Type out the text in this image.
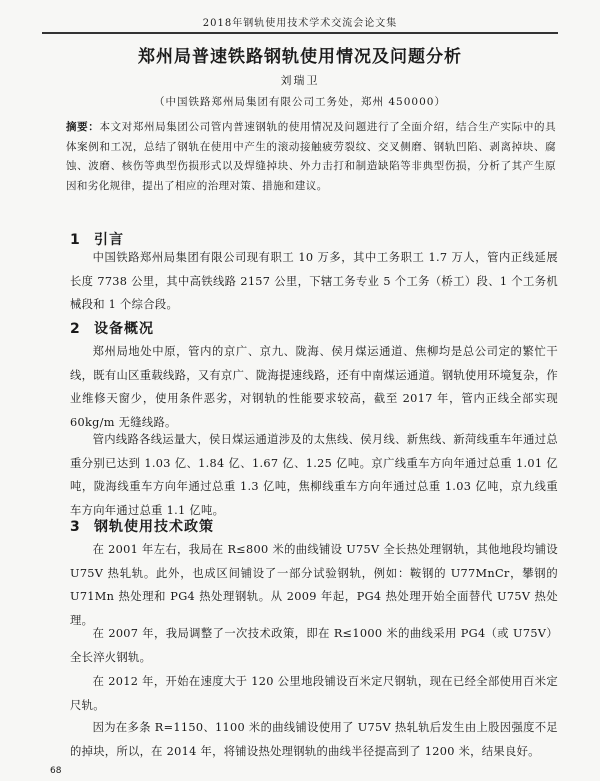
2018年钢轨使用技术学术交流会论文集
郑州局普速铁路钢轨使用情况及问题分析
刘瑞卫
（中国铁路郑州局集团有限公司工务处，郑州 450000）
摘要：本文对郑州局集团公司管内普速钢轨的使用情况及问题进行了全面介绍，结合生产实际中的具体案例和工况，总结了钢轨在使用中产生的滚动接触疲劳裂纹、交叉侧磨、钢轨凹陷、剥离掉块、腐蚀、波磨、核伤等典型伤损形式以及焊缝掉块、外力击打和制造缺陷等非典型伤损，分析了其产生原因和劣化规律，提出了相应的治理对策、措施和建议。
1 引言
中国铁路郑州局集团有限公司现有职工 10 万多，其中工务职工 1.7 万人，管内正线延展长度 7738 公里，其中高铁线路 2157 公里，下辖工务专业 5 个工务（桥工）段、1 个工务机械段和 1 个综合段。
2 设备概况
郑州局地处中原，管内的京广、京九、陇海、侯月煤运通道、焦柳均是总公司定的繁忙干线，既有山区重载线路，又有京广、陇海提速线路，还有中南煤运通道。钢轨使用环境复杂，作业维修天窗少，使用条件恶劣，对钢轨的性能要求较高，截至 2017 年，管内正线全部实现 60kg/m 无缝线路。
管内线路各线运量大，侯日煤运通道涉及的太焦线、侯月线、新焦线、新菏线重车年通过总重分别已达到 1.03 亿、1.84 亿、1.67 亿、1.25 亿吨。京广线重车方向年通过总重 1.01 亿吨，陇海线重车方向年通过总重 1.3 亿吨，焦柳线重车方向年通过总重 1.03 亿吨，京九线重车方向年通过总重 1.1 亿吨。
3 钢轨使用技术政策
在 2001 年左右，我局在 R≤800 米的曲线铺设 U75V 全长热处理钢轨，其他地段均铺设 U75V 热轧轨。此外，也成区间铺设了一部分试验钢轨，例如：鞍钢的 U77MnCr，攀钢的 U71Mn 热处理和 PG4 热处理钢轨。从 2009 年起，PG4 热处理开始全面替代 U75V 热处理。
在 2007 年，我局调整了一次技术政策，即在 R≤1000 米的曲线采用 PG4（或 U75V）全长淬火钢轨。
在 2012 年，开始在速度大于 120 公里地段铺设百米定尺钢轨，现在已经全部使用百米定尺轨。
因为在多条 R=1150、1100 米的曲线铺设使用了 U75V 热轧轨后发生由上股因强度不足的掉块，所以，在 2014 年，将铺设热处理钢轨的曲线半径提高到了 1200 米，结果良好。
68
